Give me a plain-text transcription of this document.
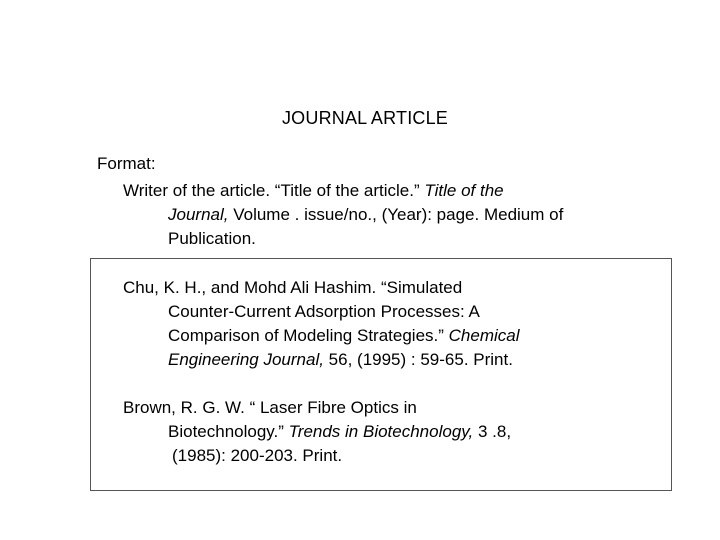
JOURNAL ARTICLE
Format:
Writer of the article. “Title of the article.” Title of the
Journal, Volume . issue/no., (Year): page. Medium of
Publication.
Chu, K. H., and Mohd Ali Hashim. “Simulated
Counter-Current Adsorption Processes: A
Comparison of Modeling Strategies.” Chemical
Engineering Journal, 56, (1995) : 59-65. Print.
Brown, R. G. W. “ Laser Fibre Optics in
Biotechnology.” Trends in Biotechnology, 3 .8,
(1985): 200-203. Print.
